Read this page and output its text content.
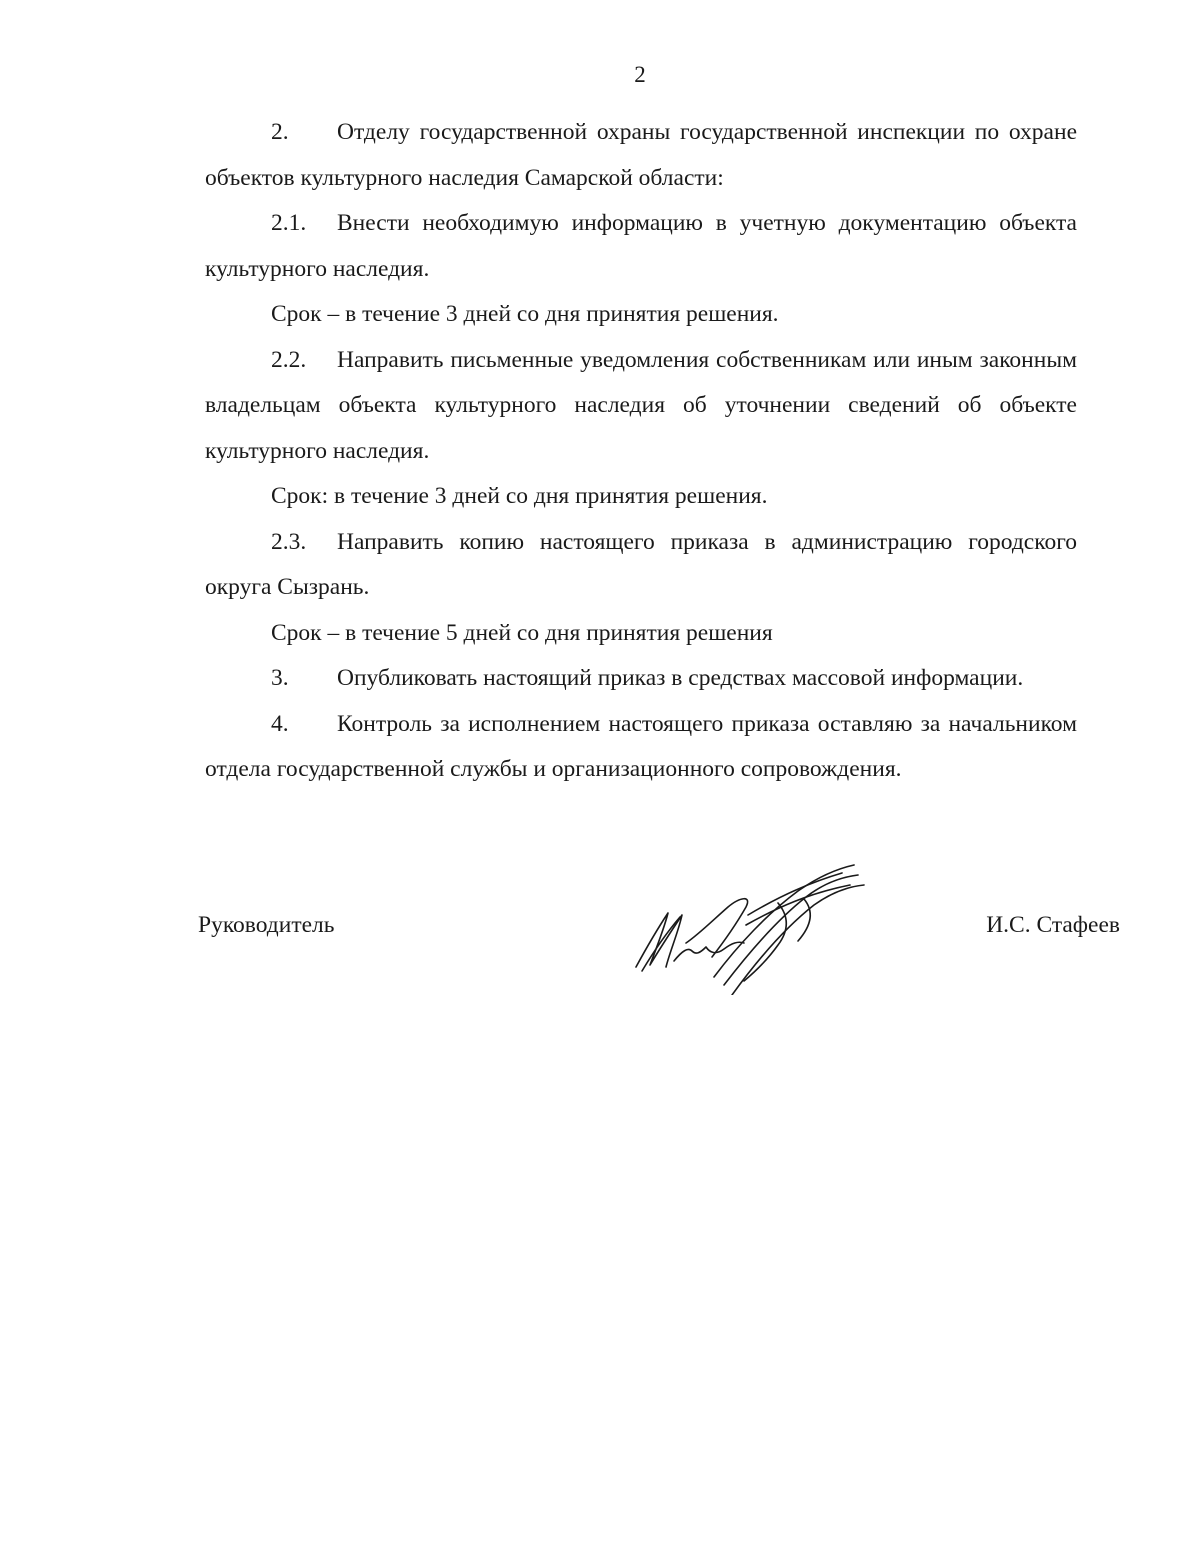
2

2. Отделу государственной охраны государственной инспекции по охране объектов культурного наследия Самарской области:

2.1. Внести необходимую информацию в учетную документацию объекта культурного наследия.

Срок – в течение 3 дней со дня принятия решения.

2.2. Направить письменные уведомления собственникам или иным законным владельцам объекта культурного наследия об уточнении сведений об объекте культурного наследия.

Срок: в течение 3 дней со дня принятия решения.

2.3. Направить копию настоящего приказа в администрацию городского округа Сызрань.

Срок – в течение 5 дней со дня принятия решения

3. Опубликовать настоящий приказ в средствах массовой информации.

4. Контроль за исполнением настоящего приказа оставляю за начальником отдела государственной службы и организационного сопровождения.

Руководитель	И.С. Стафеев
